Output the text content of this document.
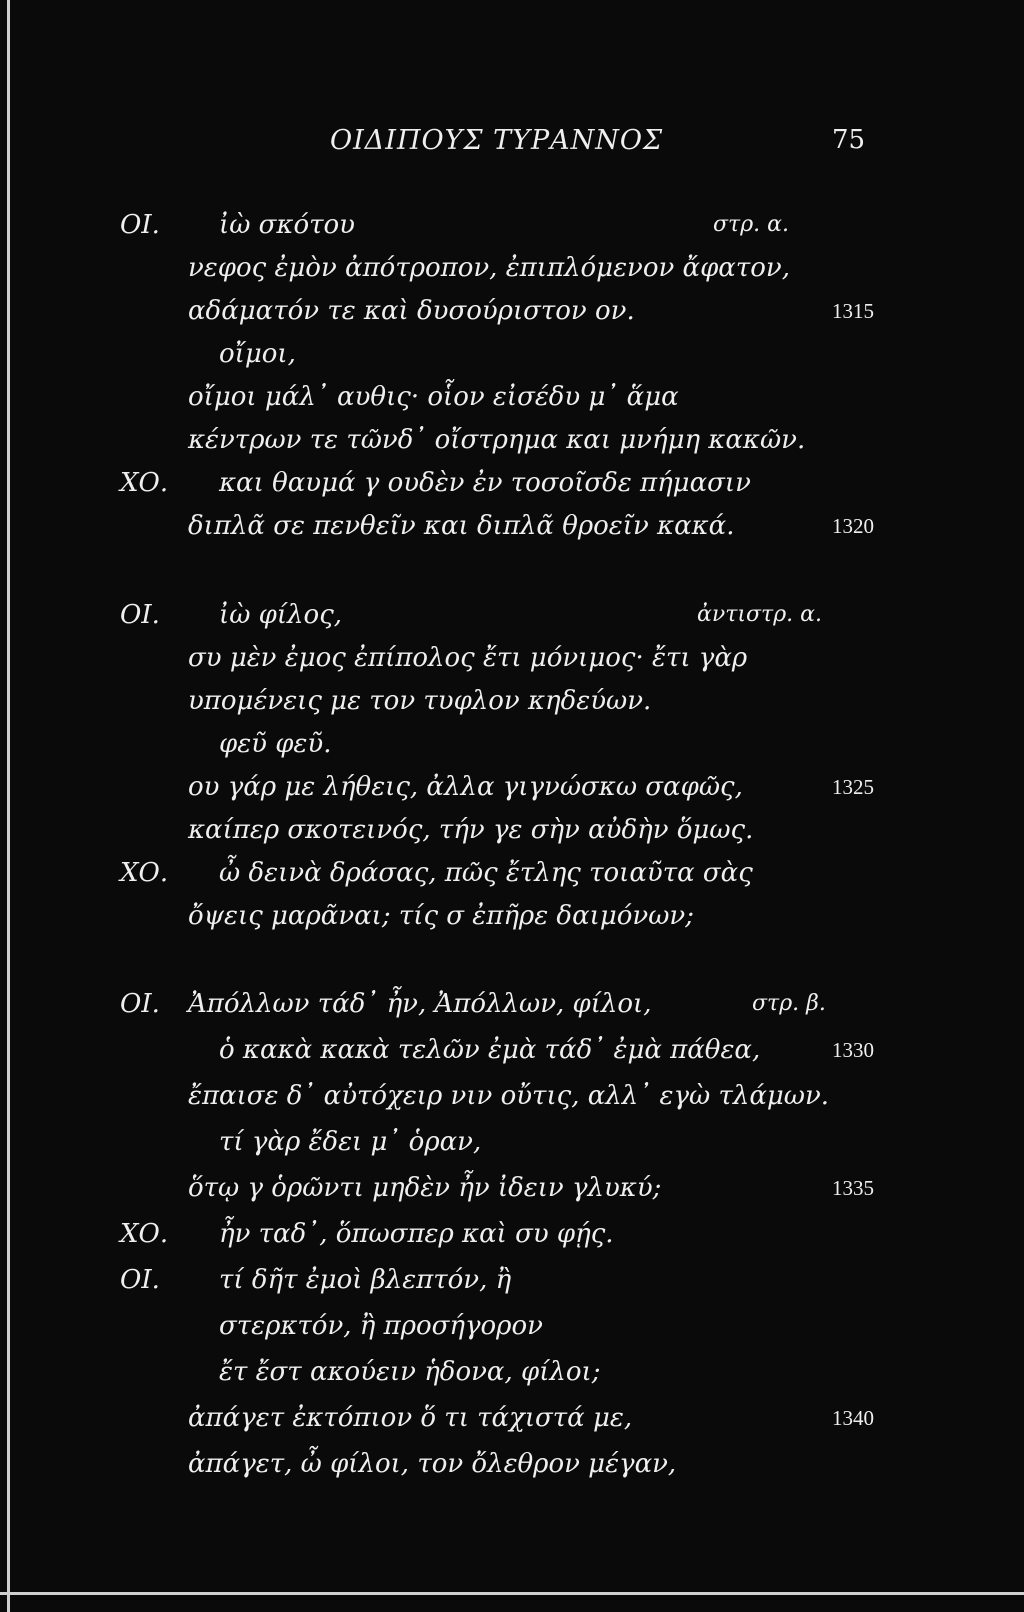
ΟΙΔΙΠΟΥΣ ΤΥΡΑΝΝΟΣ	75
ΟΙ. ἰὼ σκότου	στρ. α.
νεφος ἐμὸν ἀπότροπον, ἐπιπλόμενον ἄφατον,
αδάματόν τε καὶ δυσούριστον ον.	1315
οἴμοι,
οἴμοι μάλ᾽ αυθις· οἷον εἰσέδυ μ᾽ ἅμα
κέντρων τε τῶνδ᾽ οἴστρημα και μνήμη κακῶν.
ΧΟ. και θαυμά γ ουδὲν ἐν τοσοῖσδε πήμασιν
διπλᾶ σε πενθεῖν και διπλᾶ θροεῖν κακά.	1320
ΟΙ. ἰὼ φίλος,	ἀντιστρ. α.
συ μὲν ἐμος ἐπίπολος ἔτι μόνιμος· ἔτι γὰρ
υπομένεις με τον τυφλον κηδεύων.
φεῦ φεῦ.
ου γάρ με λήθεις, ἀλλα γιγνώσκω σαφῶς,	1325
καίπερ σκοτεινός, τήν γε σὴν αὐδὴν ὅμως.
ΧΟ. ὦ δεινὰ δράσας, πῶς ἔτλης τοιαῦτα σὰς
ὄψεις μαρᾶναι; τίς σ ἐπῆρε δαιμόνων;
ΟΙ. Ἀπόλλων τάδ᾽ ἦν, Ἀπόλλων, φίλοι,	στρ. β.
ὁ κακὰ κακὰ τελῶν ἐμὰ τάδ᾽ ἐμὰ πάθεα,	1330
ἔπαισε δ᾽ αὐτόχειρ νιν οὔτις, αλλ᾽ εγὼ τλάμων.
τί γὰρ ἔδει μ᾽ ὁραν,
ὅτῳ γ ὁρῶντι μηδὲν ἦν ἰδειν γλυκύ;	1335
ΧΟ. ἦν ταδ᾽, ὅπωσπερ καὶ συ φῄς.
ΟΙ. τί δῆτ ἐμοὶ βλεπτόν, ἢ
στερκτόν, ἢ προσήγορον
ἔτ ἔστ ακούειν ἡδονα, φίλοι;
ἀπάγετ ἐκτόπιον ὅ τι τάχιστά με,	1340
ἀπάγετ, ὦ φίλοι, τον ὄλεθρον μέγαν,
